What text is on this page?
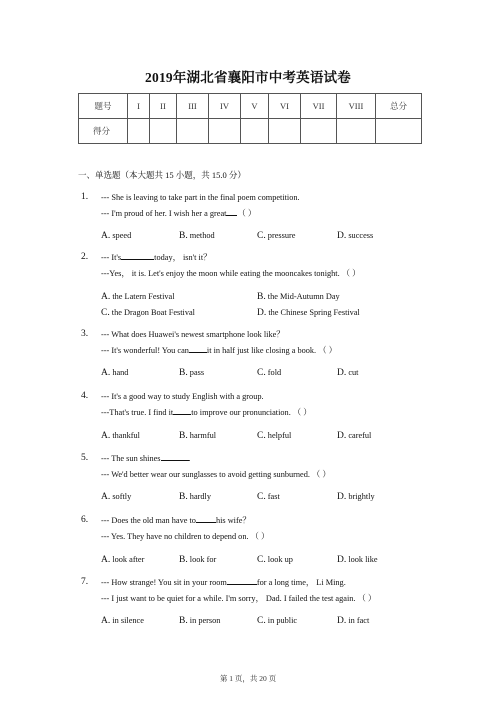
2019年湖北省襄阳市中考英语试卷
题号	I	II	III	IV	V	VI	VII	VIII	总分
得分									
一、单选题（本大题共 15 小题，共 15.0 分）
1. --- She is leaving to take part in the final poem competition.
--- I'm proud of her. I wish her a great （ ）
A. speed	B. method	C. pressure	D. success
2. --- It's	today， isn't it？
---Yes， it is. Let's enjoy the moon while eating the mooncakes tonight. （ ）
A. the Latern Festival	B. the Mid-Autumn Day
C. the Dragon Boat Festival	D. the Chinese Spring Festival
3. --- What does Huawei's newest smartphone look like？
--- It's wonderful! You can it in half just like closing a book. （ ）
A. hand	B. pass	C. fold	D. cut
4. --- It's a good way to study English with a group.
---That's true. I find it to improve our pronunciation. （ ）
A. thankful	B. harmful	C. helpful	D. careful
5. --- The sun shines	.
--- We'd better wear our sunglasses to avoid getting sunburned. （ ）
A. softly	B. hardly	C. fast	D. brightly
6. --- Does the old man have to his wife？
--- Yes. They have no children to depend on. （ ）
A. look after	B. look for	C. look up	D. look like
7. --- How strange! You sit in your room	for a long time， Li Ming.
--- I just want to be quiet for a while. I'm sorry， Dad. I failed the test again. （ ）
A. in silence	B. in person	C. in public	D. in fact
第 1 页，共 20 页
